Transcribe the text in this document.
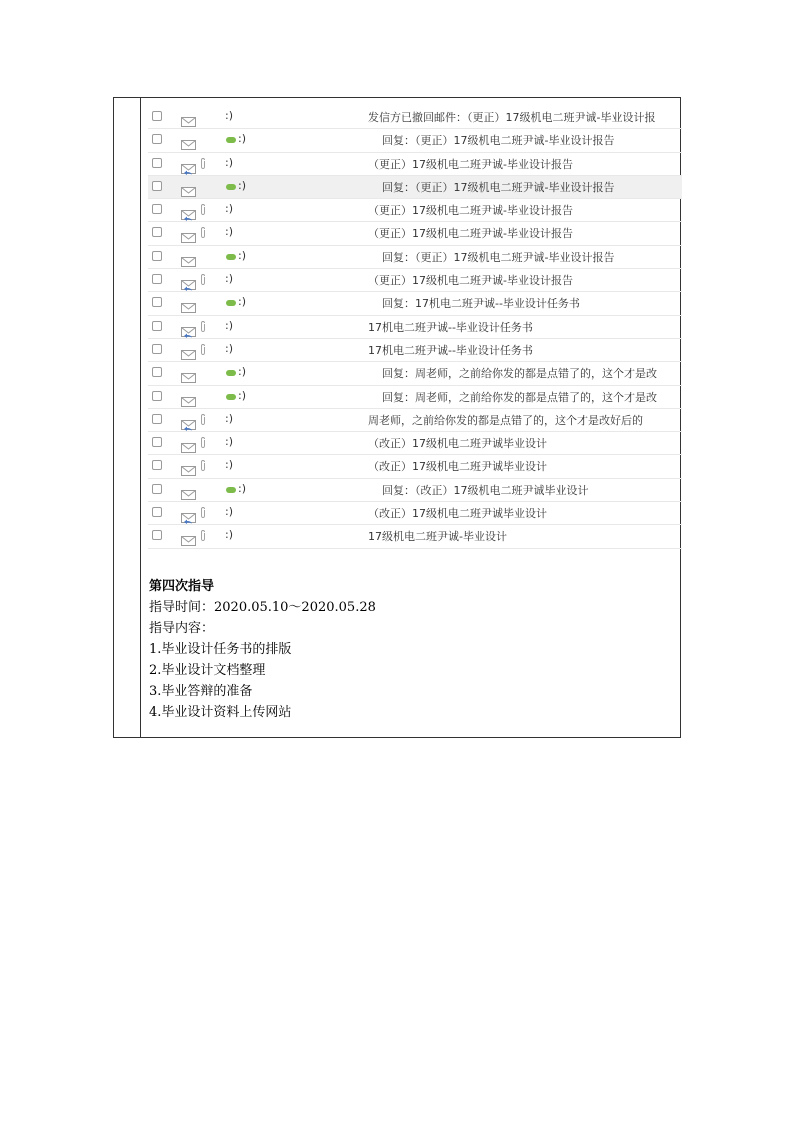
:)	发信方已撤回邮件：（更正）17级机电二班尹诚-毕业设计报
:)	回复：（更正）17级机电二班尹诚-毕业设计报告
:)	（更正）17级机电二班尹诚-毕业设计报告
:)	回复：（更正）17级机电二班尹诚-毕业设计报告
:)	（更正）17级机电二班尹诚-毕业设计报告
:)	（更正）17级机电二班尹诚-毕业设计报告
:)	回复：（更正）17级机电二班尹诚-毕业设计报告
:)	（更正）17级机电二班尹诚-毕业设计报告
:)	回复：17机电二班尹诚--毕业设计任务书
:)	17机电二班尹诚--毕业设计任务书
:)	17机电二班尹诚--毕业设计任务书
:)	回复：周老师，之前给你发的都是点错了的，这个才是改
:)	回复：周老师，之前给你发的都是点错了的，这个才是改
:)	周老师，之前给你发的都是点错了的，这个才是改好后的
:)	（改正）17级机电二班尹诚毕业设计
:)	（改正）17级机电二班尹诚毕业设计
:)	回复：（改正）17级机电二班尹诚毕业设计
:)	（改正）17级机电二班尹诚毕业设计
:)	17级机电二班尹诚-毕业设计
第四次指导
指导时间：2020.05.10～2020.05.28
指导内容：
1.毕业设计任务书的排版
2.毕业设计文档整理
3.毕业答辩的准备
4.毕业设计资料上传网站
